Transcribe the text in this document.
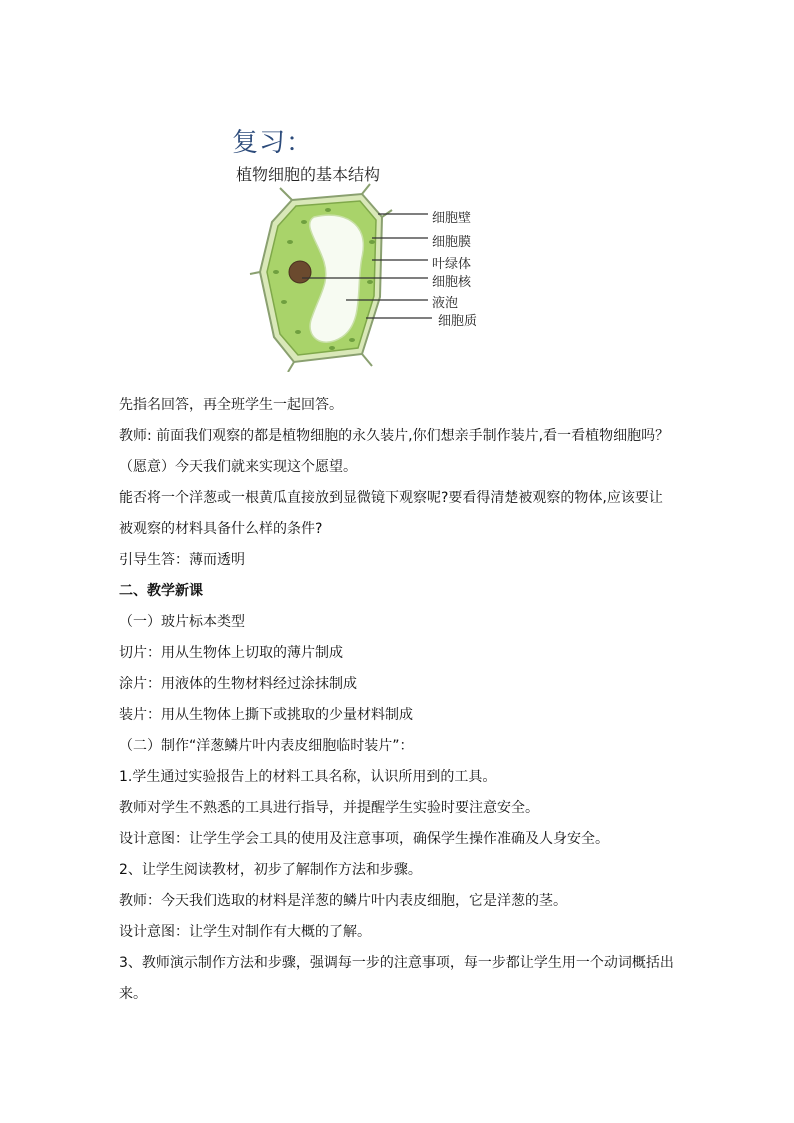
复习：
植物细胞的基本结构
细胞壁
细胞膜
叶绿体
细胞核
液泡
细胞质
先指名回答，再全班学生一起回答。
教师: 前面我们观察的都是植物细胞的永久装片,你们想亲手制作装片,看一看植物细胞吗？
（愿意）今天我们就来实现这个愿望。
能否将一个洋葱或一根黄瓜直接放到显微镜下观察呢?要看得清楚被观察的物体,应该要让
被观察的材料具备什么样的条件?
引导生答：薄而透明
二、教学新课
（一）玻片标本类型
切片：用从生物体上切取的薄片制成
涂片：用液体的生物材料经过涂抹制成
装片：用从生物体上撕下或挑取的少量材料制成
（二）制作“洋葱鳞片叶内表皮细胞临时装片”：
1.学生通过实验报告上的材料工具名称，认识所用到的工具。
教师对学生不熟悉的工具进行指导，并提醒学生实验时要注意安全。
设计意图：让学生学会工具的使用及注意事项，确保学生操作准确及人身安全。
2、让学生阅读教材，初步了解制作方法和步骤。
教师：今天我们选取的材料是洋葱的鳞片叶内表皮细胞，它是洋葱的茎。
设计意图：让学生对制作有大概的了解。
3、教师演示制作方法和步骤，强调每一步的注意事项，每一步都让学生用一个动词概括出
来。
